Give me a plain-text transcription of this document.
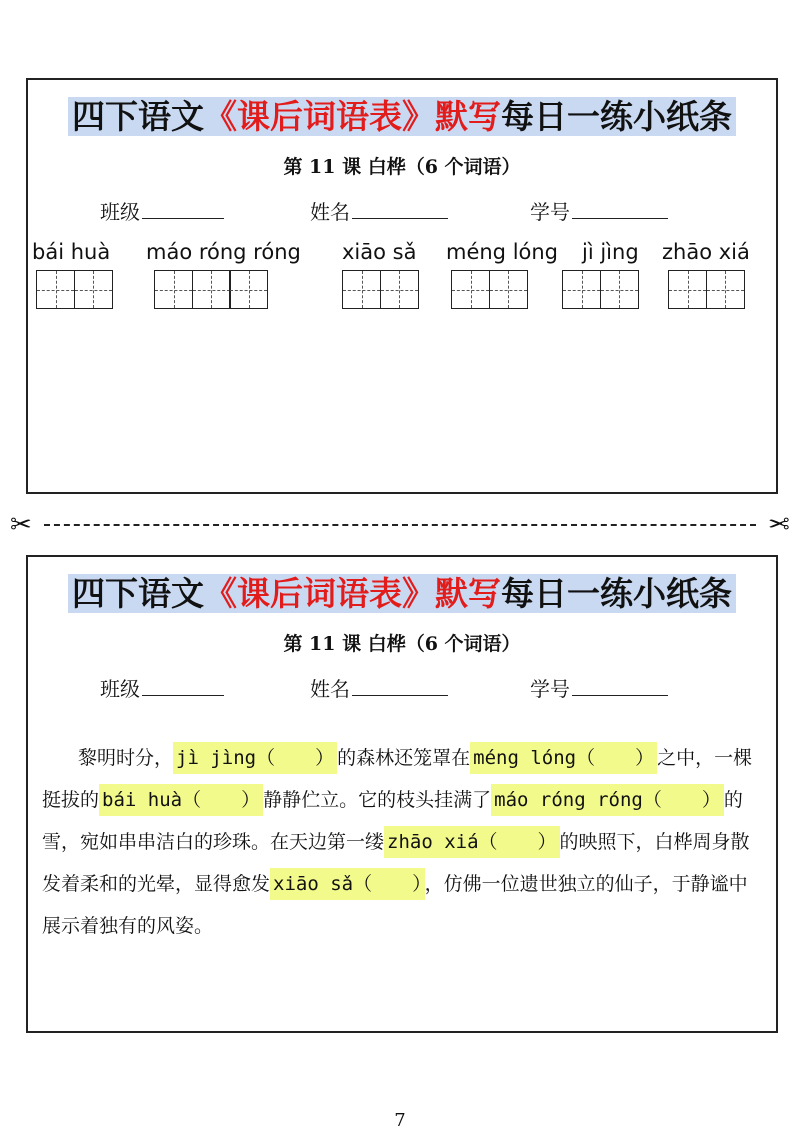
四下语文《课后词语表》默写每日一练小纸条
第 11 课 白桦（6 个词语）
班级	姓名	学号
bái huà máo róng róng xiāo sǎ méng lóng	jì jìng zhāo xiá
✂	✂
四下语文《课后词语表》默写每日一练小纸条
第 11 课 白桦（6 个词语）
班级	姓名	学号
黎明时分， jì jìng（ ） 的森林还笼罩在 méng lóng（ ） 之中，一棵挺拔的 bái huà（ ） 静静伫立。它的枝头挂满了 máo róng róng（ ） 的雪，宛如串串洁白的珍珠。在天边第一缕 zhāo xiá（ ） 的映照下，白桦周身散发着柔和的光晕，显得愈发 xiāo sǎ（ ） ，仿佛一位遗世独立的仙子，于静谧中展示着独有的风姿。
7
